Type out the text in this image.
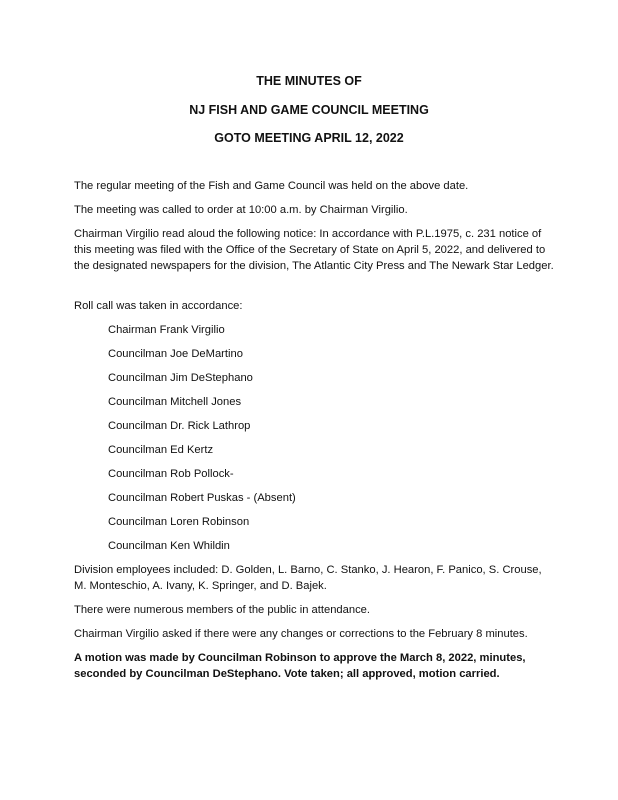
THE MINUTES OF
NJ FISH AND GAME COUNCIL MEETING
GOTO MEETING APRIL 12, 2022
The regular meeting of the Fish and Game Council was held on the above date.
The meeting was called to order at 10:00 a.m. by Chairman Virgilio.
Chairman Virgilio read aloud the following notice: In accordance with P.L.1975, c. 231 notice of this meeting was filed with the Office of the Secretary of State on April 5, 2022, and delivered to the designated newspapers for the division, The Atlantic City Press and The Newark Star Ledger.
Roll call was taken in accordance:
Chairman Frank Virgilio
Councilman Joe DeMartino
Councilman Jim DeStephano
Councilman Mitchell Jones
Councilman Dr. Rick Lathrop
Councilman Ed Kertz
Councilman Rob Pollock-
Councilman Robert Puskas - (Absent)
Councilman Loren Robinson
Councilman Ken Whildin
Division employees included: D. Golden, L. Barno, C. Stanko, J. Hearon, F. Panico, S. Crouse, M. Monteschio, A. Ivany, K. Springer, and D. Bajek.
There were numerous members of the public in attendance.
Chairman Virgilio asked if there were any changes or corrections to the February 8 minutes.
A motion was made by Councilman Robinson to approve the March 8, 2022, minutes, seconded by Councilman DeStephano. Vote taken; all approved, motion carried.
